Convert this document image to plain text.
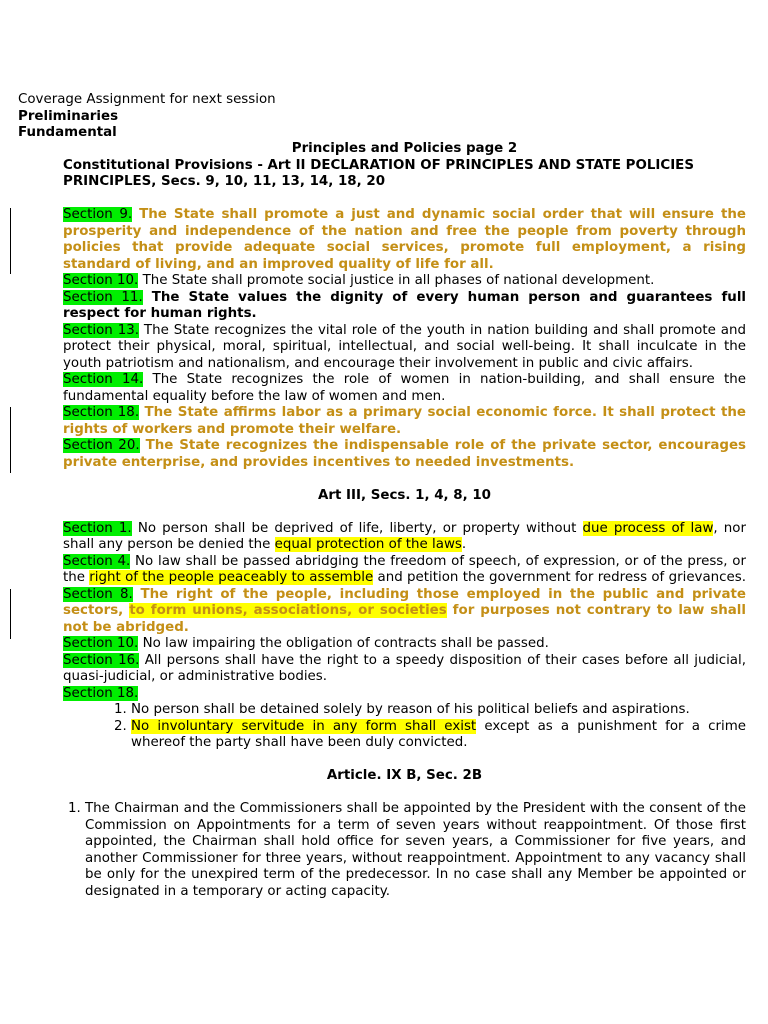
Coverage Assignment for next session
Preliminaries
Fundamental
Principles and Policies page 2
Constitutional Provisions - Art II DECLARATION OF PRINCIPLES AND STATE POLICIES
PRINCIPLES, Secs. 9, 10, 11, 13, 14, 18, 20
Section 9. The State shall promote a just and dynamic social order that will ensure the prosperity and independence of the nation and free the people from poverty through policies that provide adequate social services, promote full employment, a rising standard of living, and an improved quality of life for all.
Section 10. The State shall promote social justice in all phases of national development.
Section 11. The State values the dignity of every human person and guarantees full respect for human rights.
Section 13. The State recognizes the vital role of the youth in nation building and shall promote and protect their physical, moral, spiritual, intellectual, and social well-being. It shall inculcate in the youth patriotism and nationalism, and encourage their involvement in public and civic affairs.
Section 14. The State recognizes the role of women in nation-building, and shall ensure the fundamental equality before the law of women and men.
Section 18. The State affirms labor as a primary social economic force. It shall protect the rights of workers and promote their welfare.
Section 20. The State recognizes the indispensable role of the private sector, encourages private enterprise, and provides incentives to needed investments.
Art III, Secs. 1, 4, 8, 10
Section 1. No person shall be deprived of life, liberty, or property without due process of law, nor shall any person be denied the equal protection of the laws.
Section 4. No law shall be passed abridging the freedom of speech, of expression, or of the press, or the right of the people peaceably to assemble and petition the government for redress of grievances. Section 8. The right of the people, including those employed in the public and private sectors, to form unions, associations, or societies for purposes not contrary to law shall not be abridged.
Section 10. No law impairing the obligation of contracts shall be passed.
Section 16. All persons shall have the right to a speedy disposition of their cases before all judicial, quasi-judicial, or administrative bodies.
Section 18.
1. No person shall be detained solely by reason of his political beliefs and aspirations.
2. No involuntary servitude in any form shall exist except as a punishment for a crime whereof the party shall have been duly convicted.
Article. IX B, Sec. 2B
1. The Chairman and the Commissioners shall be appointed by the President with the consent of the Commission on Appointments for a term of seven years without reappointment. Of those first appointed, the Chairman shall hold office for seven years, a Commissioner for five years, and another Commissioner for three years, without reappointment. Appointment to any vacancy shall be only for the unexpired term of the predecessor. In no case shall any Member be appointed or designated in a temporary or acting capacity.
